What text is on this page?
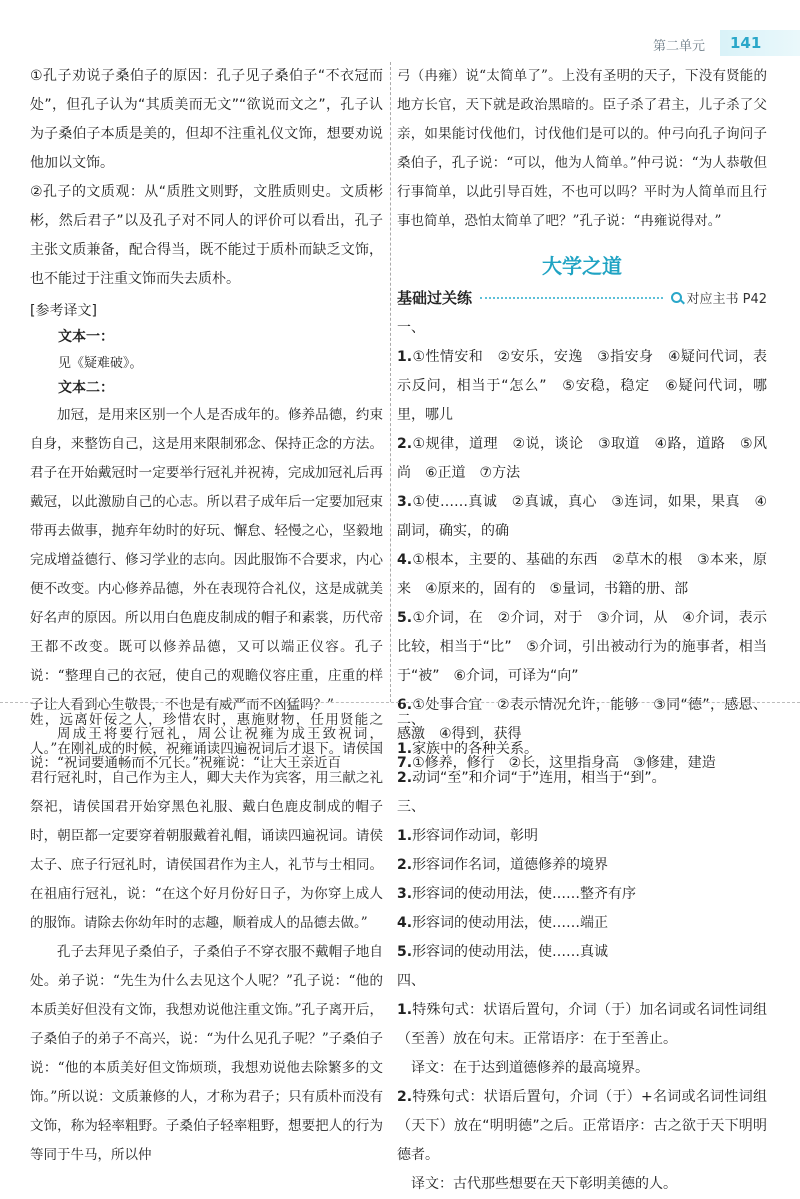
第二单元	141

①孔子劝说子桑伯子的原因：孔子见子桑伯子“不衣冠而处”，但孔子认为“其质美而无文”“欲说而文之”，孔子认为子桑伯子本质是美的，但却不注重礼仪文饰，想要劝说他加以文饰。

②孔子的文质观：从“质胜文则野，文胜质则史。文质彬彬，然后君子”以及孔子对不同人的评价可以看出，孔子主张文质兼备，配合得当，既不能过于质朴而缺乏文饰，也不能过于注重文饰而失去质朴。

[参考译文]
文本一：
见《疑难破》。
文本二：

加冠，是用来区别一个人是否成年的。修养品德，约束自身，来整饬自己，这是用来限制邪念、保持正念的方法。君子在开始戴冠时一定要举行冠礼并祝祷，完成加冠礼后再戴冠，以此激励自己的心志。所以君子成年后一定要加冠束带再去做事，抛弃年幼时的好玩、懈怠、轻慢之心，坚毅地完成增益德行、修习学业的志向。因此服饰不合要求，内心便不改变。内心修养品德，外在表现符合礼仪，这是成就美好名声的原因。所以用白色鹿皮制成的帽子和素裳，历代帝王都不改变。既可以修养品德，又可以端正仪容。孔子说：“整理自己的衣冠，使自己的观瞻仪容庄重，庄重的样子让人看到心生敬畏，不也是有威严而不凶猛吗？”

周成王将要行冠礼，周公让祝雍为成王致祝词，说：“祝词要通畅而不冗长。”祝雍说：“让大王亲近百

弓（冉雍）说“太简单了”。上没有圣明的天子，下没有贤能的地方长官，天下就是政治黑暗的。臣子杀了君主，儿子杀了父亲，如果能讨伐他们，讨伐他们是可以的。仲弓向孔子询问子桑伯子，孔子说：“可以，他为人简单。”仲弓说：“为人恭敬但行事简单，以此引导百姓，不也可以吗？平时为人简单而且行事也简单，恐怕太简单了吧？”孔子说：“冉雍说得对。”

大学之道
基础过关练	对应主书 P42

一、

1.①性情安和　②安乐，安逸　③指安身　④疑问代词，表示反问，相当于“怎么”　⑤安稳，稳定　⑥疑问代词，哪里，哪儿

2.①规律，道理　②说，谈论　③取道　④路，道路　⑤风尚　⑥正道　⑦方法

3.①使……真诚　②真诚，真心　③连词，如果，果真　④副词，确实，的确

4.①根本，主要的、基础的东西　②草木的根　③本来，原来　④原来的，固有的　⑤量词，书籍的册、部

5.①介词，在　②介词，对于　③介词，从　④介词，表示比较，相当于“比”　⑤介词，引出被动行为的施事者，相当于“被”　⑥介词，可译为“向”

6.①处事合宜　②表示情况允许，能够　③同“德”，感恩、感激　④得到，获得

7.①修养，修行　②长，这里指身高　③修建，建造

姓，远离奸佞之人，珍惜农时，惠施财物，任用贤能之人。”在刚礼成的时候，祝雍诵读四遍祝词后才退下。请侯国君行冠礼时，自己作为主人，卿大夫作为宾客，用三献之礼祭祀，请侯国君开始穿黑色礼服、戴白色鹿皮制成的帽子时，朝臣都一定要穿着朝服戴着礼帽，诵读四遍祝词。请侯太子、庶子行冠礼时，请侯国君作为主人，礼节与士相同。在祖庙行冠礼，说：“在这个好月份好日子，为你穿上成人的服饰。请除去你幼年时的志趣，顺着成人的品德去做。”

孔子去拜见子桑伯子，子桑伯子不穿衣服不戴帽子地自处。弟子说：“先生为什么去见这个人呢？”孔子说：“他的本质美好但没有文饰，我想劝说他注重文饰。”孔子离开后，子桑伯子的弟子不高兴，说：“为什么见孔子呢？”子桑伯子说：“他的本质美好但文饰烦琐，我想劝说他去除繁多的文饰。”所以说：文质兼修的人，才称为君子；只有质朴而没有文饰，称为轻率粗野。子桑伯子轻率粗野，想要把人的行为等同于牛马，所以仲

二、

1.家族中的各种关系。

2.动词“至”和介词“于”连用，相当于“到”。

三、

1.形容词作动词，彰明

2.形容词作名词，道德修养的境界

3.形容词的使动用法，使……整齐有序

4.形容词的使动用法，使……端正

5.形容词的使动用法，使……真诚

四、

1.特殊句式：状语后置句，介词（于）加名词或名词性词组（至善）放在句末。正常语序：在于至善止。

译文：在于达到道德修养的最高境界。

2.特殊句式：状语后置句，介词（于）+名词或名词性词组（天下）放在“明明德”之后。正常语序：古之欲于天下明明德者。

译文：古代那些想要在天下彰明美德的人。
